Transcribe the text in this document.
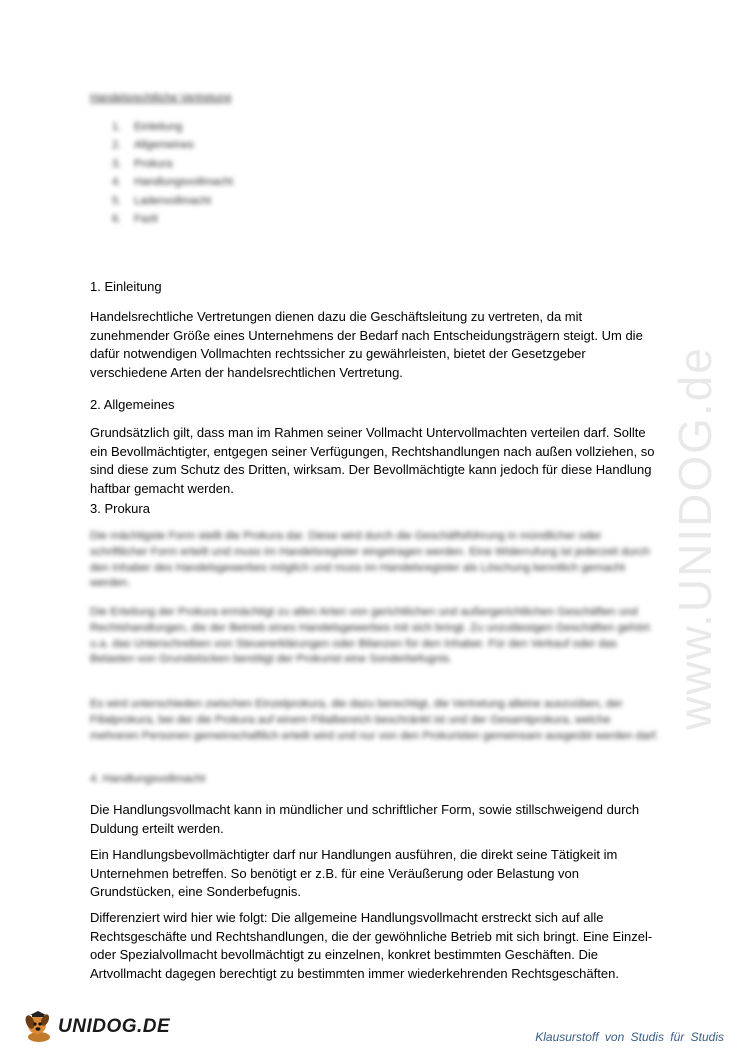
www.UNIDOG.de
Handelsrechtliche Vertretung
1.	Einleitung
2.	Allgemeines
3.	Prokura
4.	Handlungsvollmacht
5.	Ladenvollmacht
6.	Fazit
1. Einleitung

Handelsrechtliche Vertretungen dienen dazu die Geschäftsleitung zu vertreten, da mit zunehmender Größe eines Unternehmens der Bedarf nach Entscheidungsträgern steigt. Um die dafür notwendigen Vollmachten rechtssicher zu gewährleisten, bietet der Gesetzgeber verschiedene Arten der handelsrechtlichen Vertretung.

2. Allgemeines

Grundsätzlich gilt, dass man im Rahmen seiner Vollmacht Untervollmachten verteilen darf. Sollte ein Bevollmächtigter, entgegen seiner Verfügungen, Rechtshandlungen nach außen vollziehen, so sind diese zum Schutz des Dritten, wirksam. Der Bevollmächtigte kann jedoch für diese Handlung haftbar gemacht werden.

3. Prokura

Die mächtigste Form stellt die Prokura dar. Diese wird durch die Geschäftsführung in mündlicher oder schriftlicher Form erteilt und muss im Handelsregister eingetragen werden. Eine Widerrufung ist jederzeit durch den Inhaber des Handelsgewerbes möglich und muss im Handelsregister als Löschung kenntlich gemacht werden.

Die Erteilung der Prokura ermächtigt zu allen Arten von gerichtlichen und außergerichtlichen Geschäften und Rechtshandlungen, die der Betrieb eines Handelsgewerbes mit sich bringt. Zu unzulässigen Geschäften gehört u.a. das Unterschreiben von Steuererklärungen oder Bilanzen für den Inhaber. Für den Verkauf oder das Belasten von Grundstücken benötigt der Prokurist eine Sonderbefugnis.

Es wird unterschieden zwischen Einzelprokura, die dazu berechtigt, die Vertretung alleine auszuüben, der Filialprokura, bei der die Prokura auf einem Filialbereich beschränkt ist und der Gesamtprokura, welche mehreren Personen gemeinschaftlich erteilt wird und nur von den Prokuristen gemeinsam ausgeübt werden darf.

4. Handlungsvollmacht

Die Handlungsvollmacht kann in mündlicher und schriftlicher Form, sowie stillschweigend durch Duldung erteilt werden.

Ein Handlungsbevollmächtigter darf nur Handlungen ausführen, die direkt seine Tätigkeit im Unternehmen betreffen. So benötigt er z.B. für eine Veräußerung oder Belastung von Grundstücken, eine Sonderbefugnis.

Differenziert wird hier wie folgt: Die allgemeine Handlungsvollmacht erstreckt sich auf alle Rechtsgeschäfte und Rechtshandlungen, die der gewöhnliche Betrieb mit sich bringt. Eine Einzel- oder Spezialvollmacht bevollmächtigt zu einzelnen, konkret bestimmten Geschäften. Die Artvollmacht dagegen berechtigt zu bestimmten immer wiederkehrenden Rechtsgeschäften.

UNIDOG.DE	Klausurstoff von Studis für Studis
